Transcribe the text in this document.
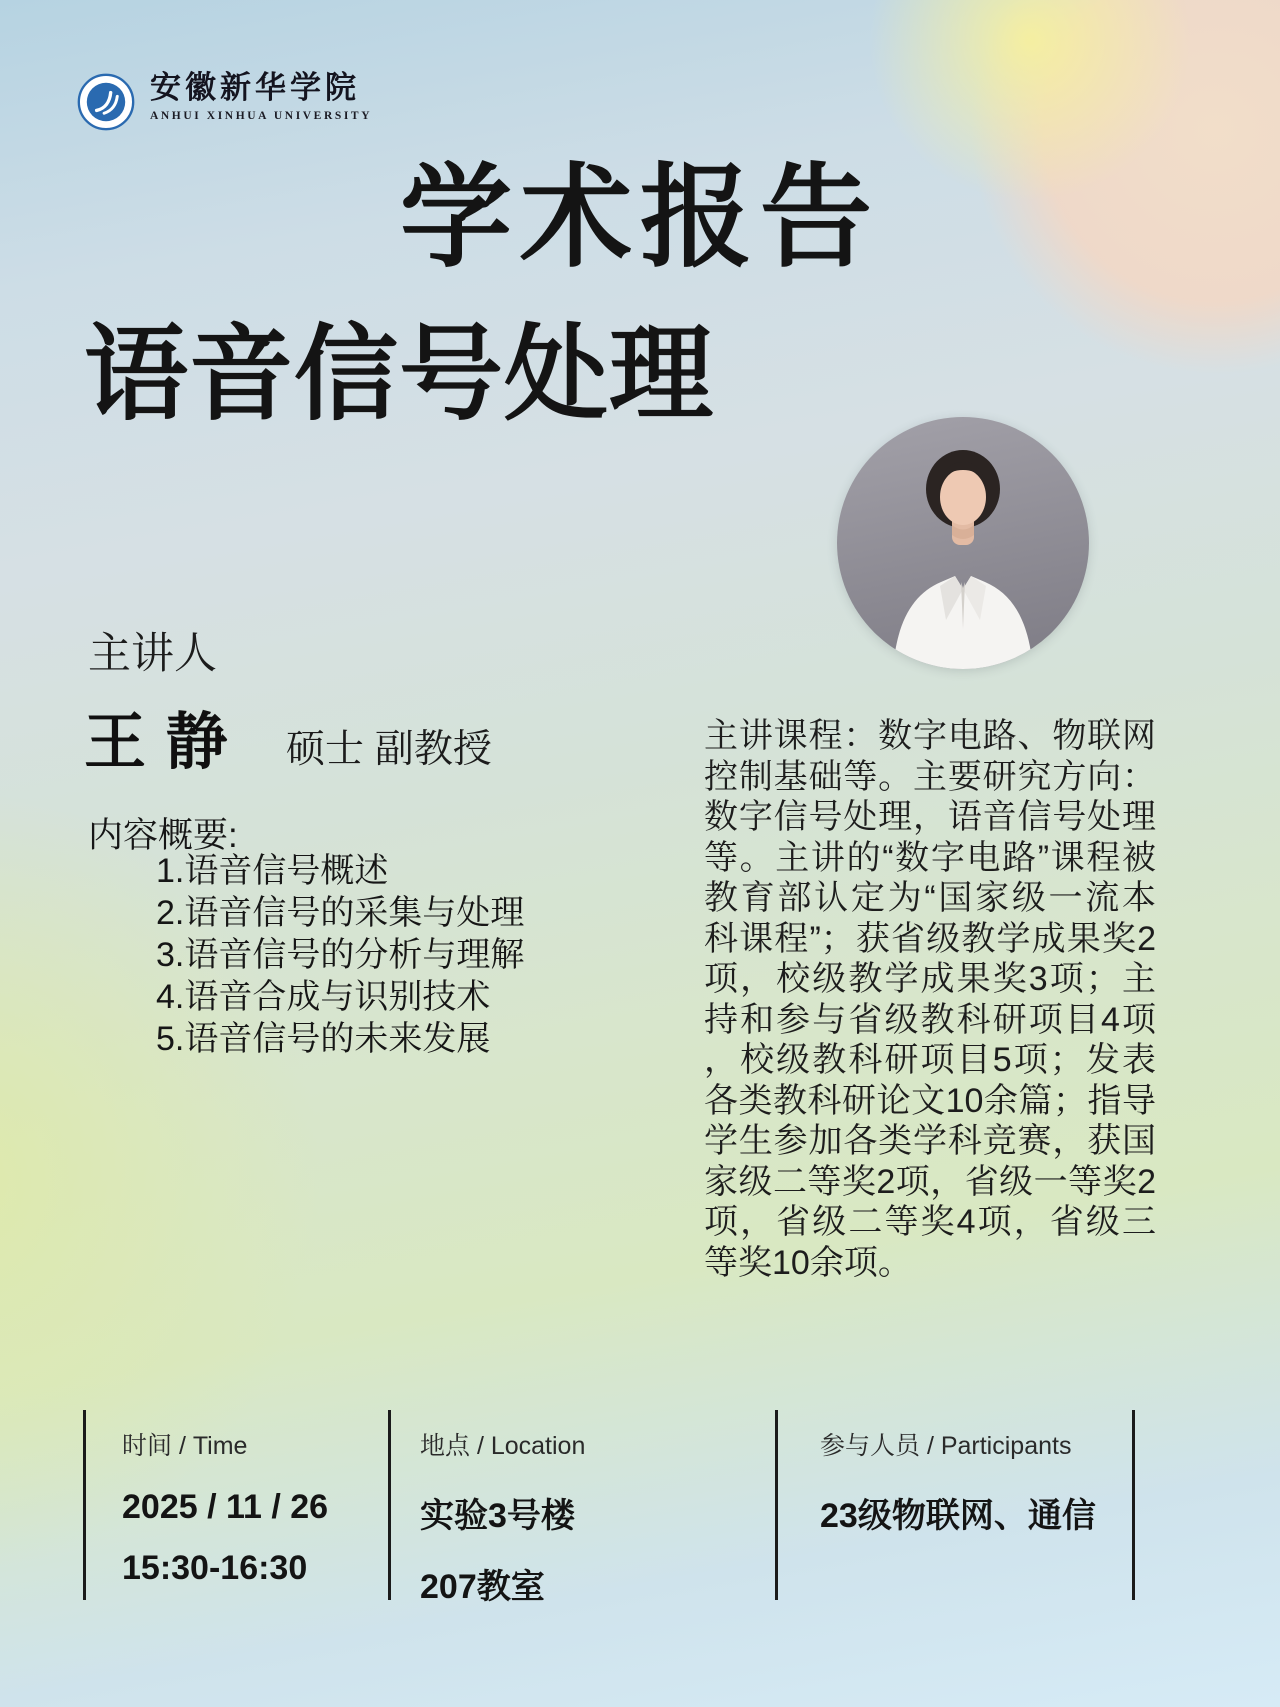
安徽新华学院
ANHUI XINHUA UNIVERSITY
学术报告
语音信号处理
主讲人
王 静 硕士 副教授
内容概要:
1.语音信号概述
2.语音信号的采集与处理
3.语音信号的分析与理解
4.语音合成与识别技术
5.语音信号的未来发展
主讲课程：数字电路、物联网控制基础等。主要研究方向：数字信号处理，语音信号处理等。主讲的“数字电路”课程被教育部认定为“国家级一流本科课程”；获省级教学成果奖2项，校级教学成果奖3项；主持和参与省级教科研项目4项，校级教科研项目5项；发表各类教科研论文10余篇；指导学生参加各类学科竞赛，获国家级二等奖2项，省级一等奖2项，省级二等奖4项，省级三等奖10余项。
时间 / Time
2025 / 11 / 26
15:30-16:30
地点 / Location
实验3号楼
207教室
参与人员 / Participants
23级物联网、通信
